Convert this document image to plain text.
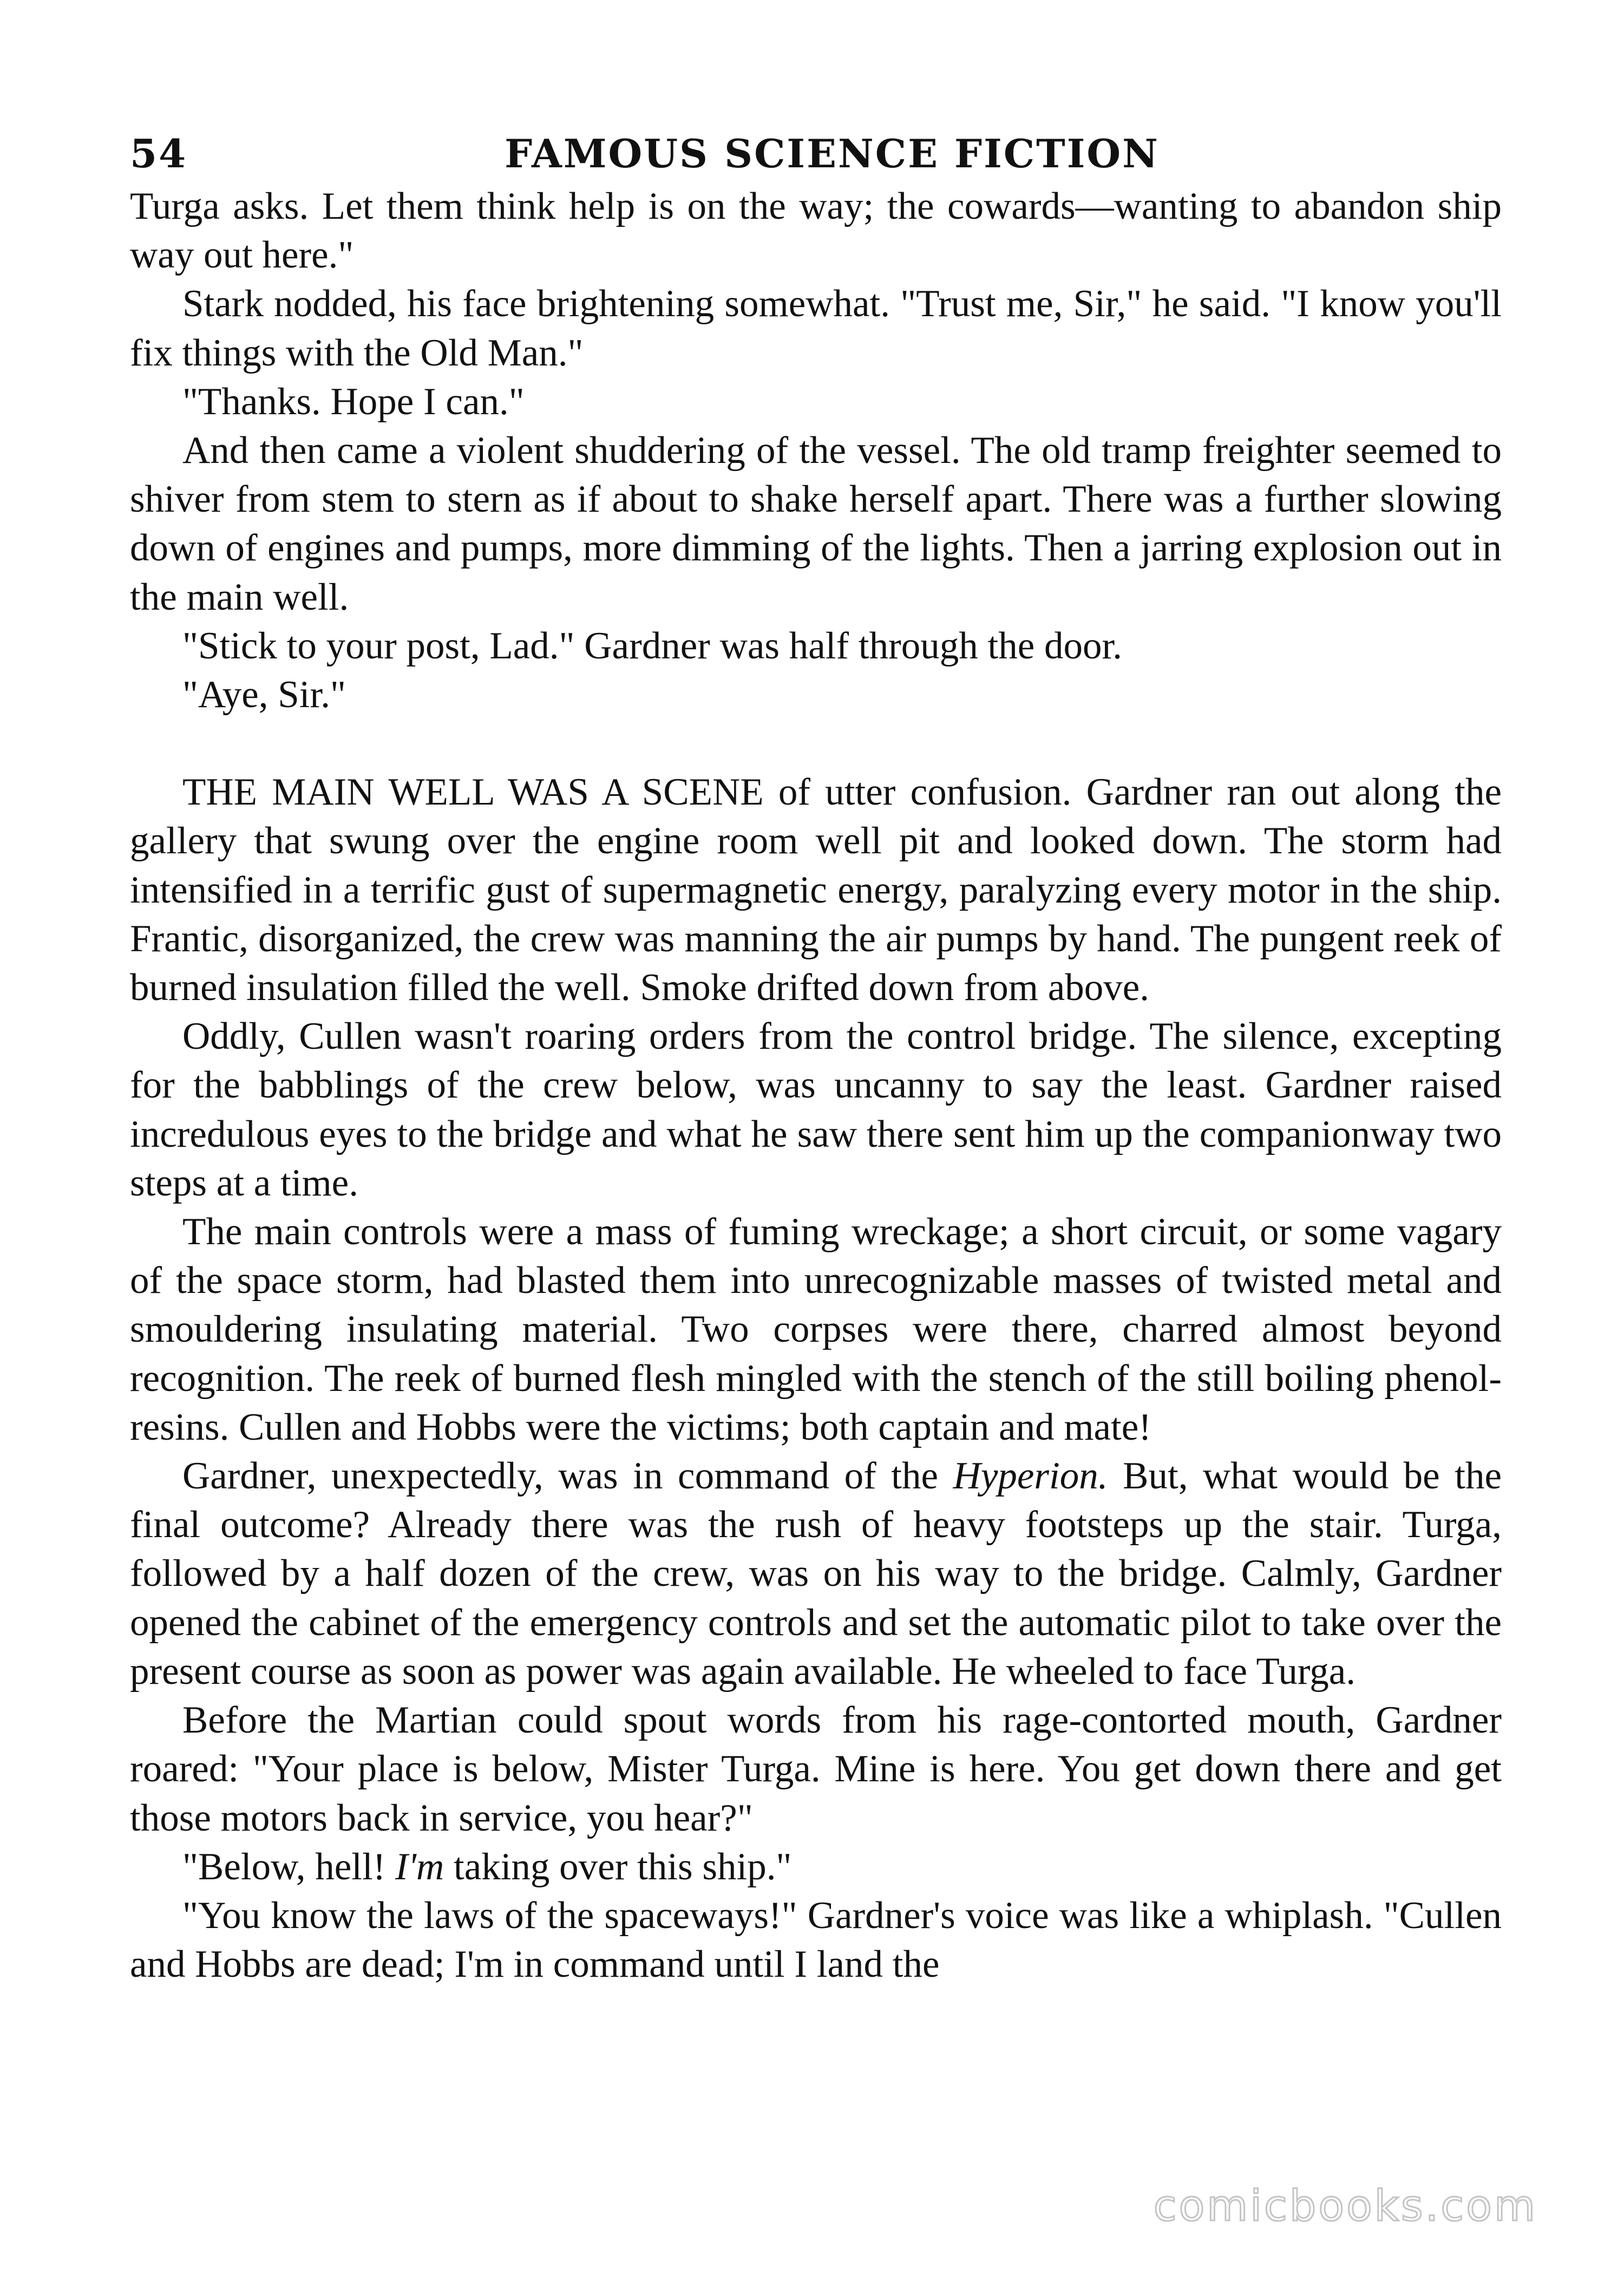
54	FAMOUS SCIENCE FICTION

Turga asks. Let them think help is on the way; the cowards—wanting to abandon ship way out here."

Stark nodded, his face brightening somewhat. "Trust me, Sir," he said. "I know you'll fix things with the Old Man."

"Thanks. Hope I can."

And then came a violent shuddering of the vessel. The old tramp freighter seemed to shiver from stem to stern as if about to shake herself apart. There was a further slowing down of engines and pumps, more dimming of the lights. Then a jarring explosion out in the main well.

"Stick to your post, Lad." Gardner was half through the door.

"Aye, Sir."

THE MAIN WELL WAS A SCENE of utter confusion. Gardner ran out along the gallery that swung over the engine room well pit and looked down. The storm had intensified in a terrific gust of supermagnetic energy, paralyzing every motor in the ship. Frantic, disorganized, the crew was manning the air pumps by hand. The pungent reek of burned insulation filled the well. Smoke drifted down from above.

Oddly, Cullen wasn't roaring orders from the control bridge. The silence, excepting for the babblings of the crew below, was uncanny to say the least. Gardner raised incredulous eyes to the bridge and what he saw there sent him up the companionway two steps at a time.

The main controls were a mass of fuming wreckage; a short circuit, or some vagary of the space storm, had blasted them into unrecognizable masses of twisted metal and smouldering insulating material. Two corpses were there, charred almost beyond recognition. The reek of burned flesh mingled with the stench of the still boiling phenol-resins. Cullen and Hobbs were the victims; both captain and mate!

Gardner, unexpectedly, was in command of the Hyperion. But, what would be the final outcome? Already there was the rush of heavy footsteps up the stair. Turga, followed by a half dozen of the crew, was on his way to the bridge. Calmly, Gardner opened the cabinet of the emergency controls and set the automatic pilot to take over the present course as soon as power was again available. He wheeled to face Turga.

Before the Martian could spout words from his rage-contorted mouth, Gardner roared: "Your place is below, Mister Turga. Mine is here. You get down there and get those motors back in service, you hear?"

"Below, hell! I'm taking over this ship."

"You know the laws of the spaceways!" Gardner's voice was like a whiplash. "Cullen and Hobbs are dead; I'm in command until I land the

comicbooks.com
